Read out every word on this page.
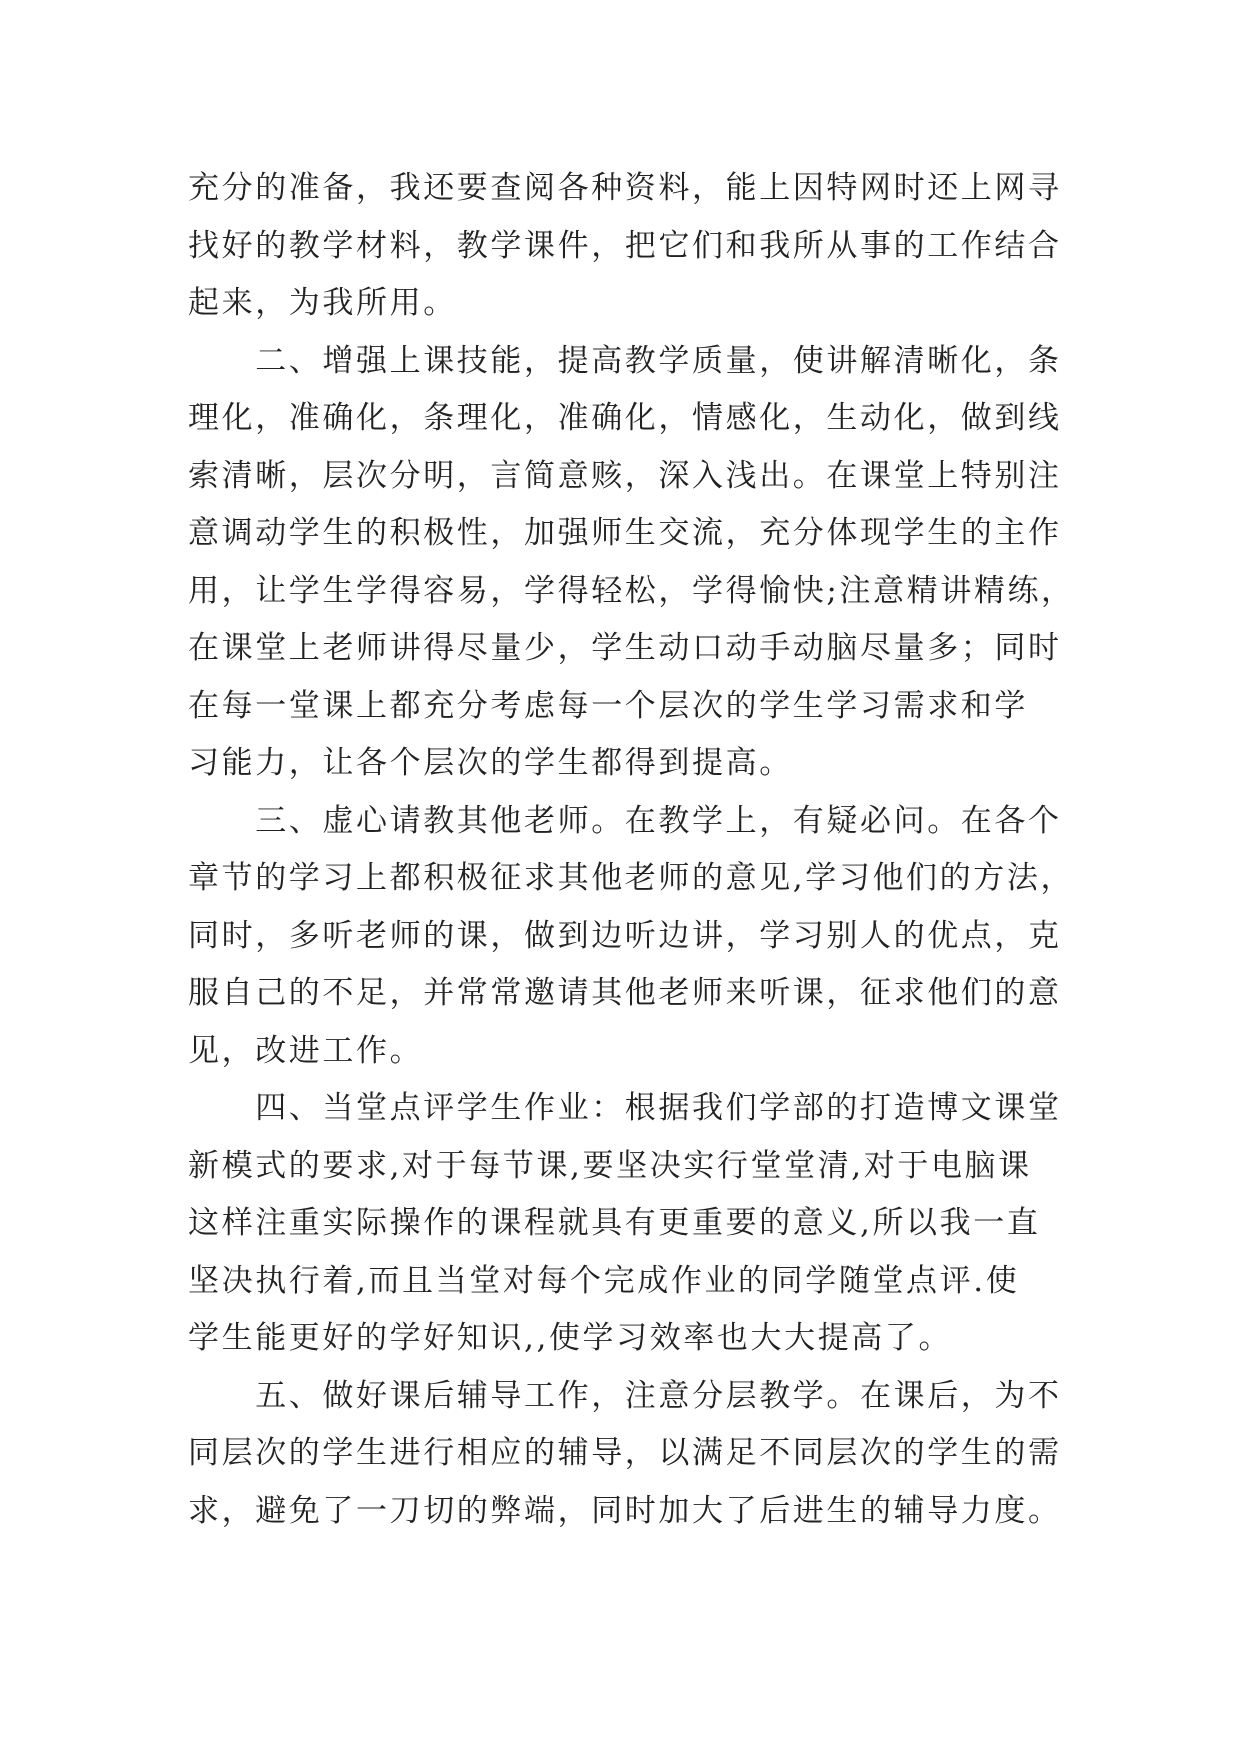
充分的准备，我还要查阅各种资料，能上因特网时还上网寻
找好的教学材料，教学课件，把它们和我所从事的工作结合
起来，为我所用。
　　二、增强上课技能，提高教学质量，使讲解清晰化，条
理化，准确化，条理化，准确化，情感化，生动化，做到线
索清晰，层次分明，言简意赅，深入浅出。在课堂上特别注
意调动学生的积极性，加强师生交流，充分体现学生的主作
用，让学生学得容易，学得轻松，学得愉快;注意精讲精练，
在课堂上老师讲得尽量少，学生动口动手动脑尽量多；同时
在每一堂课上都充分考虑每一个层次的学生学习需求和学
习能力，让各个层次的学生都得到提高。
　　三、虚心请教其他老师。在教学上，有疑必问。在各个
章节的学习上都积极征求其他老师的意见,学习他们的方法，
同时，多听老师的课，做到边听边讲，学习别人的优点，克
服自己的不足，并常常邀请其他老师来听课，征求他们的意
见，改进工作。
　　四、当堂点评学生作业：根据我们学部的打造博文课堂
新模式的要求,对于每节课,要坚决实行堂堂清,对于电脑课
这样注重实际操作的课程就具有更重要的意义,所以我一直
坚决执行着,而且当堂对每个完成作业的同学随堂点评.使
学生能更好的学好知识,,使学习效率也大大提高了。
　　五、做好课后辅导工作，注意分层教学。在课后，为不
同层次的学生进行相应的辅导，以满足不同层次的学生的需
求，避免了一刀切的弊端，同时加大了后进生的辅导力度。
